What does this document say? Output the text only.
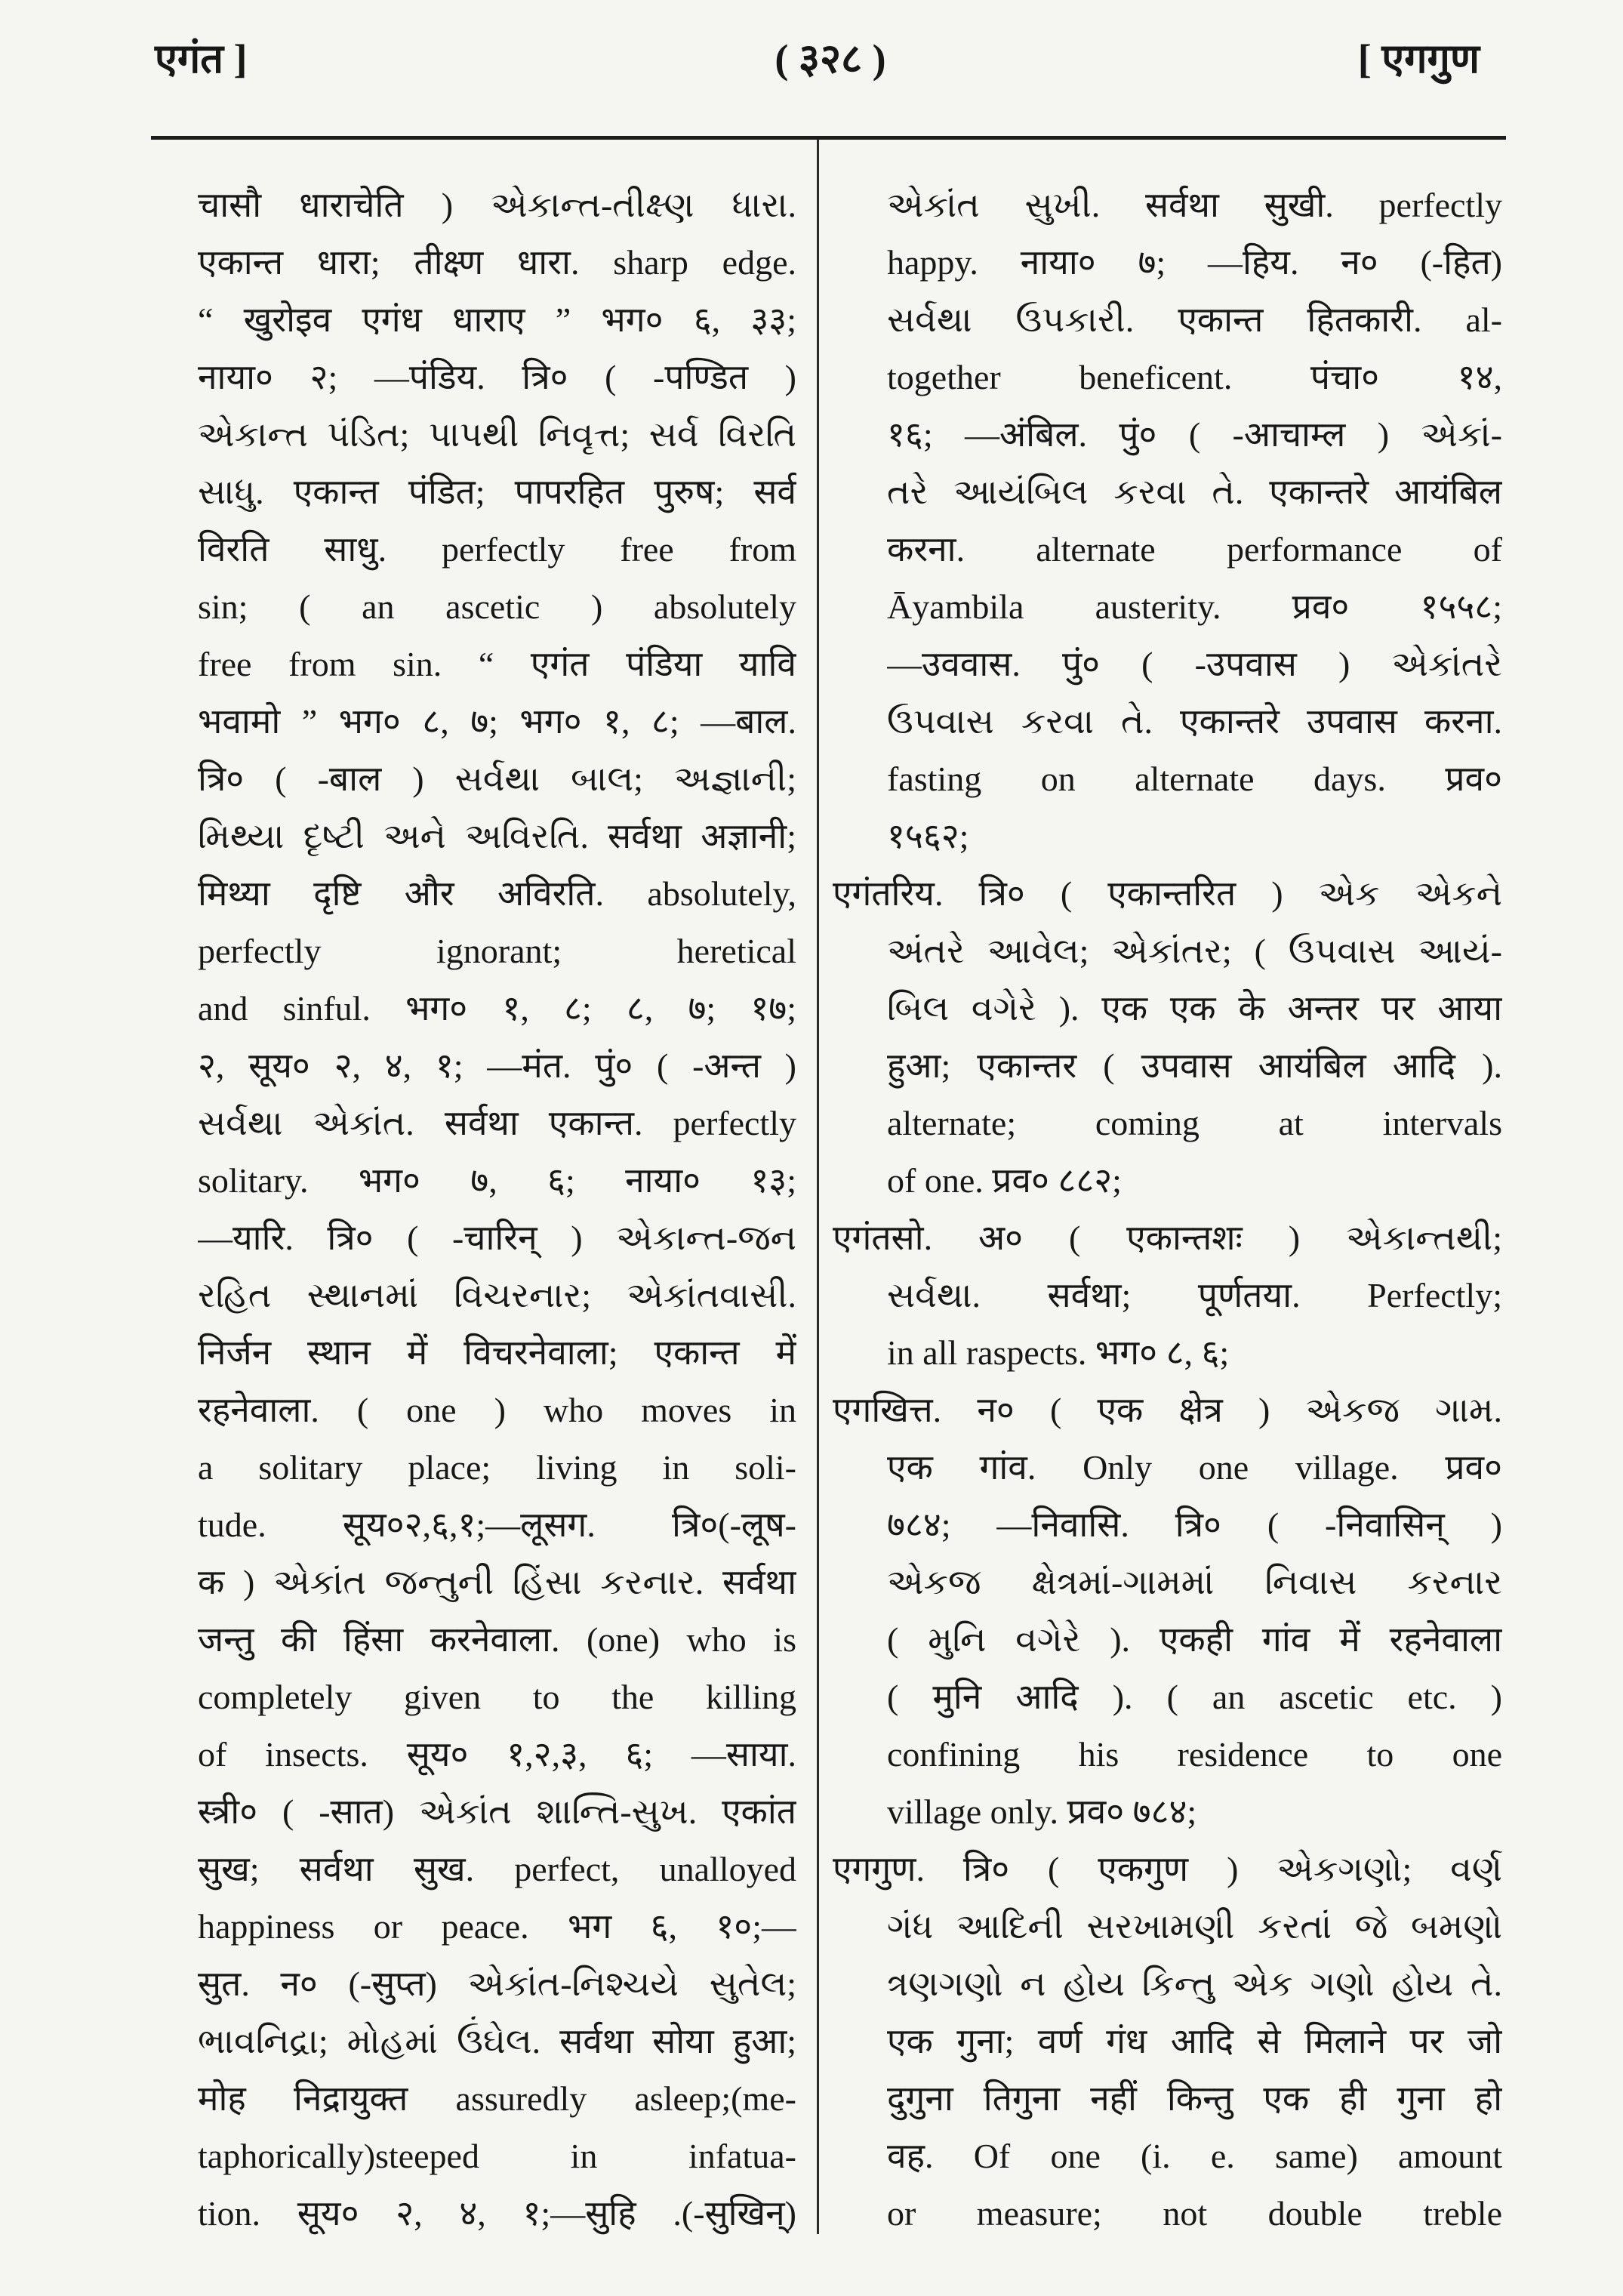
एगंत ]	( ३२८ )	[ एगगुण
चासौ धाराचेति ) એકાન્ત-તીક્ષ્ણ ધારા.
एकान्त धारा; तीक्ष्ण धारा. sharp edge.
“ खुरोइव एगंध धाराए ” भग० ६, ३३;
नाया० २; —पंडिय. त्रि० ( -पण्डित )
એકાન્ત પંડિત; પાપથી નિવૃત્ત; સર્વ વિરતિ
સાધુ. एकान्त पंडित; पापरहित पुरुष; सर्व
विरति साधु. perfectly free from
sin; ( an ascetic ) absolutely
free from sin. “ एगंत पंडिया यावि
भवामो ” भग० ८, ७; भग० १, ८; —बाल.
त्रि० ( -बाल ) સર્વથા બાલ; અજ્ઞાની;
મિથ્યા દૃષ્ટી અને અવિરતિ. सर्वथा अज्ञानी;
मिथ्या दृष्टि और अविरति. absolutely,
perfectly ignorant; heretical
and sinful. भग० १, ८; ८, ७; १७;
२, सूय० २, ४, १; —मंत. पुं० ( -अन्त )
સર્વથા એકાંત. सर्वथा एकान्त. perfectly
solitary. भग० ७, ६; नाया० १३;
—यारि. त्रि० ( -चारिन् ) એકાન્ત-જન
રહિત સ્થાનમાં વિચરનાર; એકાંતવાસી.
निर्जन स्थान में विचरनेवाला; एकान्त में
रहनेवाला. ( one ) who moves in
a solitary place; living in soli-
tude. सूय०२,६,१;—लूसग. त्रि०(-लूष-
क ) એકાંત જન્તુની હિંસા કરનાર. सर्वथा
जन्तु की हिंसा करनेवाला. (one) who is
completely given to the killing
of insects. सूय० १,२,३, ६; —साया.
स्त्री० ( -सात) એકાંત શાન્તિ-સુખ. एकांत
सुख; सर्वथा सुख. perfect, unalloyed
happiness or peace. भग ६, १०;—
सुत. न० (-सुप्त) એકાંત-નિશ્ચયે સુતેલ;
ભાવનિદ્રા; મોહમાં ઉંઘેલ. सर्वथा सोया हुआ;
मोह निद्रायुक्त assuredly asleep;(me-
taphorically)steeped in infatua-
tion. सूय० २, ४, १;—सुहि .(-सुखिन्)
એકાંત સુખી. सर्वथा सुखी. perfectly
happy. नाया० ७; —हिय. न० (-हित)
સર્વથા ઉપકારી. एकान्त हितकारी. al-
together beneficent. पंचा० १४,
१६; —अंबिल. पुं० ( -आचाम्ल ) એકાં-
તરે આયંબિલ કરવા તે. एकान्तरे आयंबिल
करना. alternate performance of
Āyambila austerity. प्रव० १५५८;
—उववास. पुं० ( -उपवास ) એકાંતરે
ઉપવાસ કરવા તે. एकान्तरे उपवास करना.
fasting on alternate days. प्रव०
१५६२;
एगंतरिय. त्रि० ( एकान्तरित ) એક એકને
અંતરે આવેલ; એકાંતર; ( ઉપવાસ આયં-
બિલ વગેરે ). एक एक के अन्तर पर आया
हुआ; एकान्तर ( उपवास आयंबिल आदि ).
alternate; coming at intervals
of one. प्रव० ८८२;
एगंतसो. अ० ( एकान्तशः ) એકાન્તથી;
સર્વથા. सर्वथा; पूर्णतया. Perfectly;
in all raspects. भग० ८, ६;
एगखित्त. न० ( एक क्षेत्र ) એકજ ગામ.
एक गांव. Only one village. प्रव०
७८४; —निवासि. त्रि० ( -निवासिन् )
એકજ ક્ષેત્રમાં-ગામમાં નિવાસ કરનાર
( મુનિ વગેરે ). एकही गांव में रहनेवाला
( मुनि आदि ). ( an ascetic etc. )
confining his residence to one
village only. प्रव० ७८४;
एगगुण. त्रि० ( एकगुण ) એકગણો; વર્ણ
ગંધ આદિની સરખામણી કરતાં જે બમણો
ત્રણગણો ન હોય કિન્તુ એક ગણો હોય તે.
एक गुना; वर्ण गंध आदि से मिलाने पर जो
दुगुना तिगुना नहीं किन्तु एक ही गुना हो
वह. Of one (i. e. same) amount
or measure; not double treble
